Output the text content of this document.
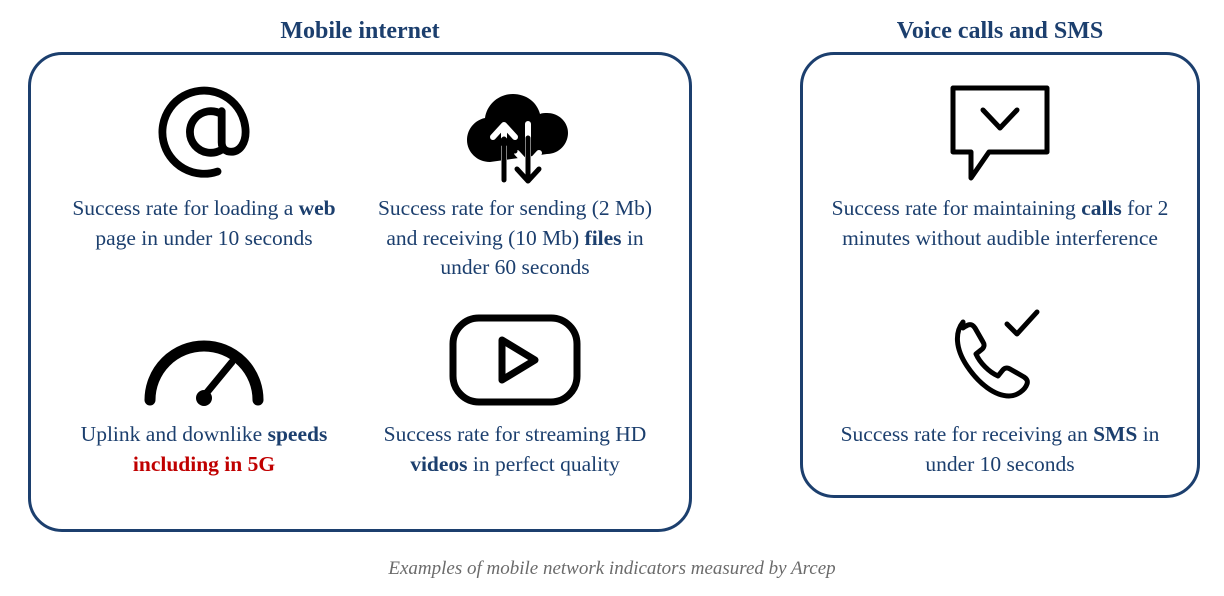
Mobile internet	Voice calls and SMS
Success rate for loading a web page in under 10 seconds
Success rate for sending (2 Mb) and receiving (10 Mb) files in under 60 seconds
Uplink and downlike speeds including in 5G
Success rate for streaming HD videos in perfect quality
Success rate for maintaining calls for 2 minutes without audible interference
Success rate for receiving an SMS in under 10 seconds
Examples of mobile network indicators measured by Arcep
